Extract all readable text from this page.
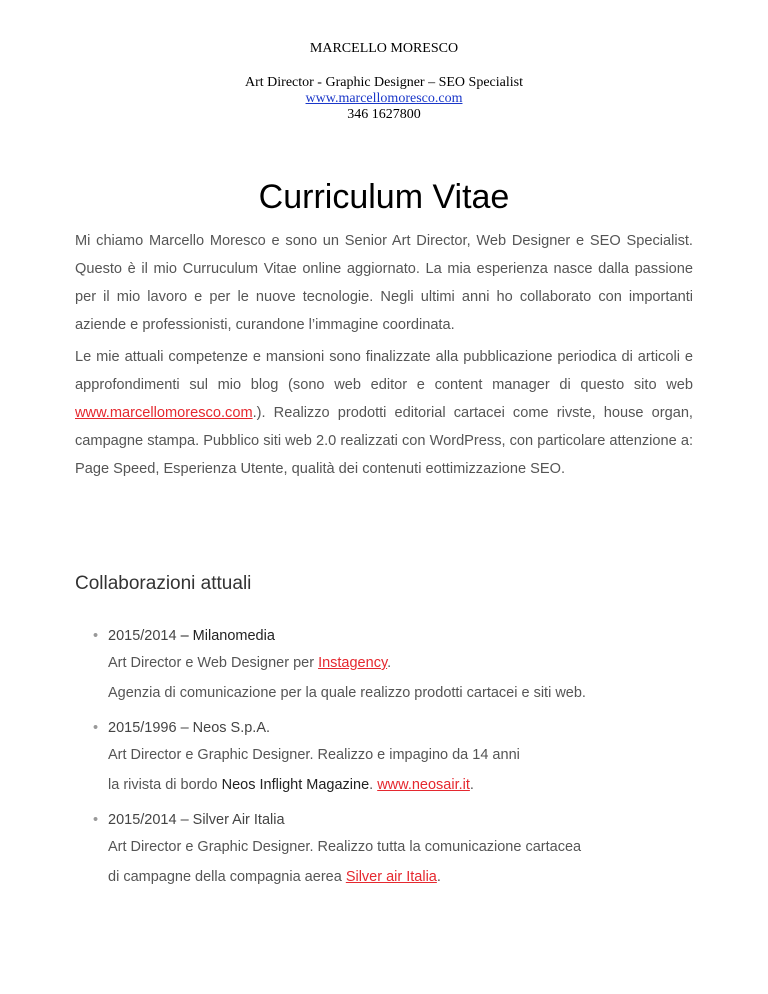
MARCELLO MORESCO
Art Director - Graphic Designer – SEO Specialist
www.marcellomoresco.com
346 1627800
Curriculum Vitae
Mi chiamo Marcello Moresco e sono un Senior Art Director, Web Designer e SEO Specialist. Questo è il mio Curruculum Vitae online aggiornato. La mia esperienza nasce dalla passione per il mio lavoro e per le nuove tecnologie. Negli ultimi anni ho collaborato con importanti aziende e professionisti, curandone l’immagine coordinata.
Le mie attuali competenze e mansioni sono finalizzate alla pubblicazione periodica di articoli e approfondimenti sul mio blog (sono web editor e content manager di questo sito web www.marcellomoresco.com.). Realizzo prodotti editorial cartacei come rivste, house organ, campagne stampa. Pubblico siti web 2.0 realizzati con WordPress, con particolare attenzione a: Page Speed, Esperienza Utente, qualità dei contenuti eottimizzazione SEO.
Collaborazioni attuali
• 2015/2014 – Milanomedia
Art Director e Web Designer per Instagency.
Agenzia di comunicazione per la quale realizzo prodotti cartacei e siti web.
• 2015/1996 – Neos S.p.A.
Art Director e Graphic Designer. Realizzo e impagino da 14 anni
la rivista di bordo Neos Inflight Magazine. www.neosair.it.
• 2015/2014 – Silver Air Italia
Art Director e Graphic Designer. Realizzo tutta la comunicazione cartacea
di campagne della compagnia aerea Silver air Italia.
